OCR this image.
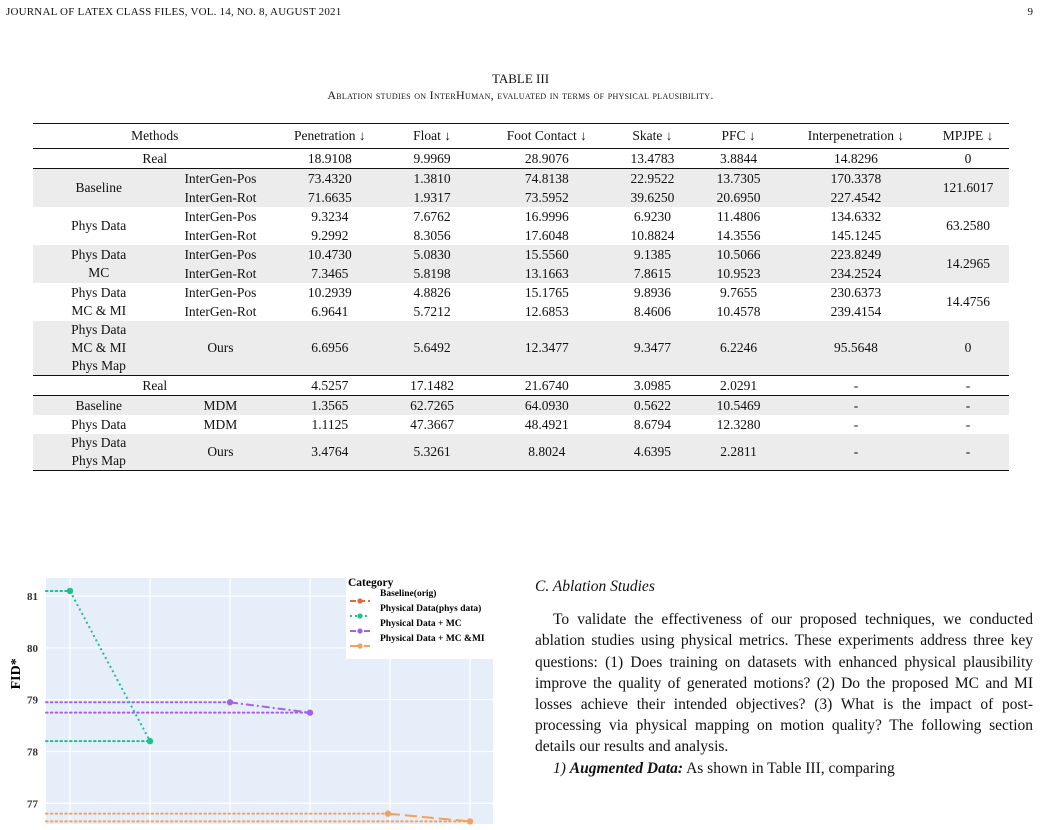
JOURNAL OF LATEX CLASS FILES, VOL. 14, NO. 8, AUGUST 2021	9
TABLE III
Ablation studies on InterHuman, evaluated in terms of physical plausibility.
Methods		Penetration ↓	Float ↓	Foot Contact ↓	Skate ↓	PFC ↓	Interpenetration ↓	MPJPE ↓
Real		18.9108	9.9969	28.9076	13.4783	3.8844	14.8296	0

Baseline	InterGen-Pos	73.4320	1.3810	74.8138	22.9522	13.7305	170.3378	121.6017
	InterGen-Rot	71.6635	1.9317	73.5952	39.6250	20.6950	227.4542	

Phys Data	InterGen-Pos	9.3234	7.6762	16.9996	6.9230	11.4806	134.6332	63.2580
	InterGen-Rot	9.2992	8.3056	17.6048	10.8824	14.3556	145.1245	

Phys Data
MC	InterGen-Pos	10.4730	5.0830	15.5560	9.1385	10.5066	223.8249	14.2965
	InterGen-Rot	7.3465	5.8198	13.1663	7.8615	10.9523	234.2524	

Phys Data
MC & MI	InterGen-Pos	10.2939	4.8826	15.1765	9.8936	9.7655	230.6373	14.4756
	InterGen-Rot	6.9641	5.7212	12.6853	8.4606	10.4578	239.4154	

Phys Data
MC & MI
Phys Map	Ours	6.6956	5.6492	12.3477	9.3477	6.2246	95.5648	0
Real		4.5257	17.1482	21.6740	3.0985	2.0291	-	-
Baseline	MDM	1.3565	62.7265	64.0930	0.5622	10.5469	-	-
Phys Data	MDM	1.1125	47.3667	48.4921	8.6794	12.3280	-	-

Phys Data
Phys Map	Ours	3.4764	5.3261	8.8024	4.6395	2.2811	-	-
77
78
79
80
81
FID*
Category
Baseline(orig)
Physical Data(phys data)
Physical Data + MC
Physical Data + MC &MI
C. Ablation Studies

To validate the effectiveness of our proposed techniques, we conducted ablation studies using physical metrics. These experiments address three key questions: (1) Does training on datasets with enhanced physical plausibility improve the quality of generated motions? (2) Do the proposed MC and MI losses achieve their intended objectives? (3) What is the impact of post-processing via physical mapping on motion quality? The following section details our results and analysis.

1) Augmented Data: As shown in Table III, comparing
